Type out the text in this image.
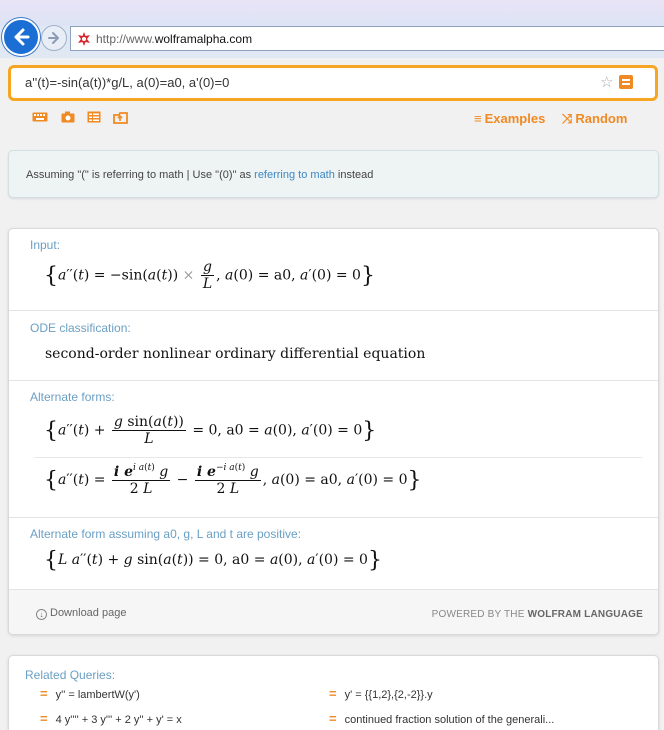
http://www.wolframalpha.com
a''(t)=-sin(a(t))*g/L, a(0)=a0, a'(0)=0
☆
≡ Examples ⤨ Random
Assuming "(" is referring to math | Use "(0)" as referring to math instead
Input:
{$a''(t) = -\sin(a(t)) \times \frac{g}{L}$ , a(0) = a0, a′(0) = 0}
ODE classification:
second-order nonlinear ordinary differential equation
Alternate forms:
{$a''(t) + \frac{\text{g sin(a(t))}}{L} = 0$, a0 = a(0), a′(0) = 0}
{$a''(t) = \frac{i e^{i a(t)} g}{2 L} - \frac{i e^{-i a(t)} g}{2 L}$ , a(0) = a0, a′(0) = 0}
Alternate form assuming a0, g, L and t are positive:
{L a′′(t) + g sin(a(t)) = 0, a0 = a(0), a′(0) = 0}
↓ Download page	POWERED BY THE WOLFRAM LANGUAGE
Related Queries:
= y'' = lambertW(y')	= y' = {{1,2},{2,-2}}.y
= 4 y'''' + 3 y''' + 2 y'' + y' = x	= continued fraction solution of the generali...
